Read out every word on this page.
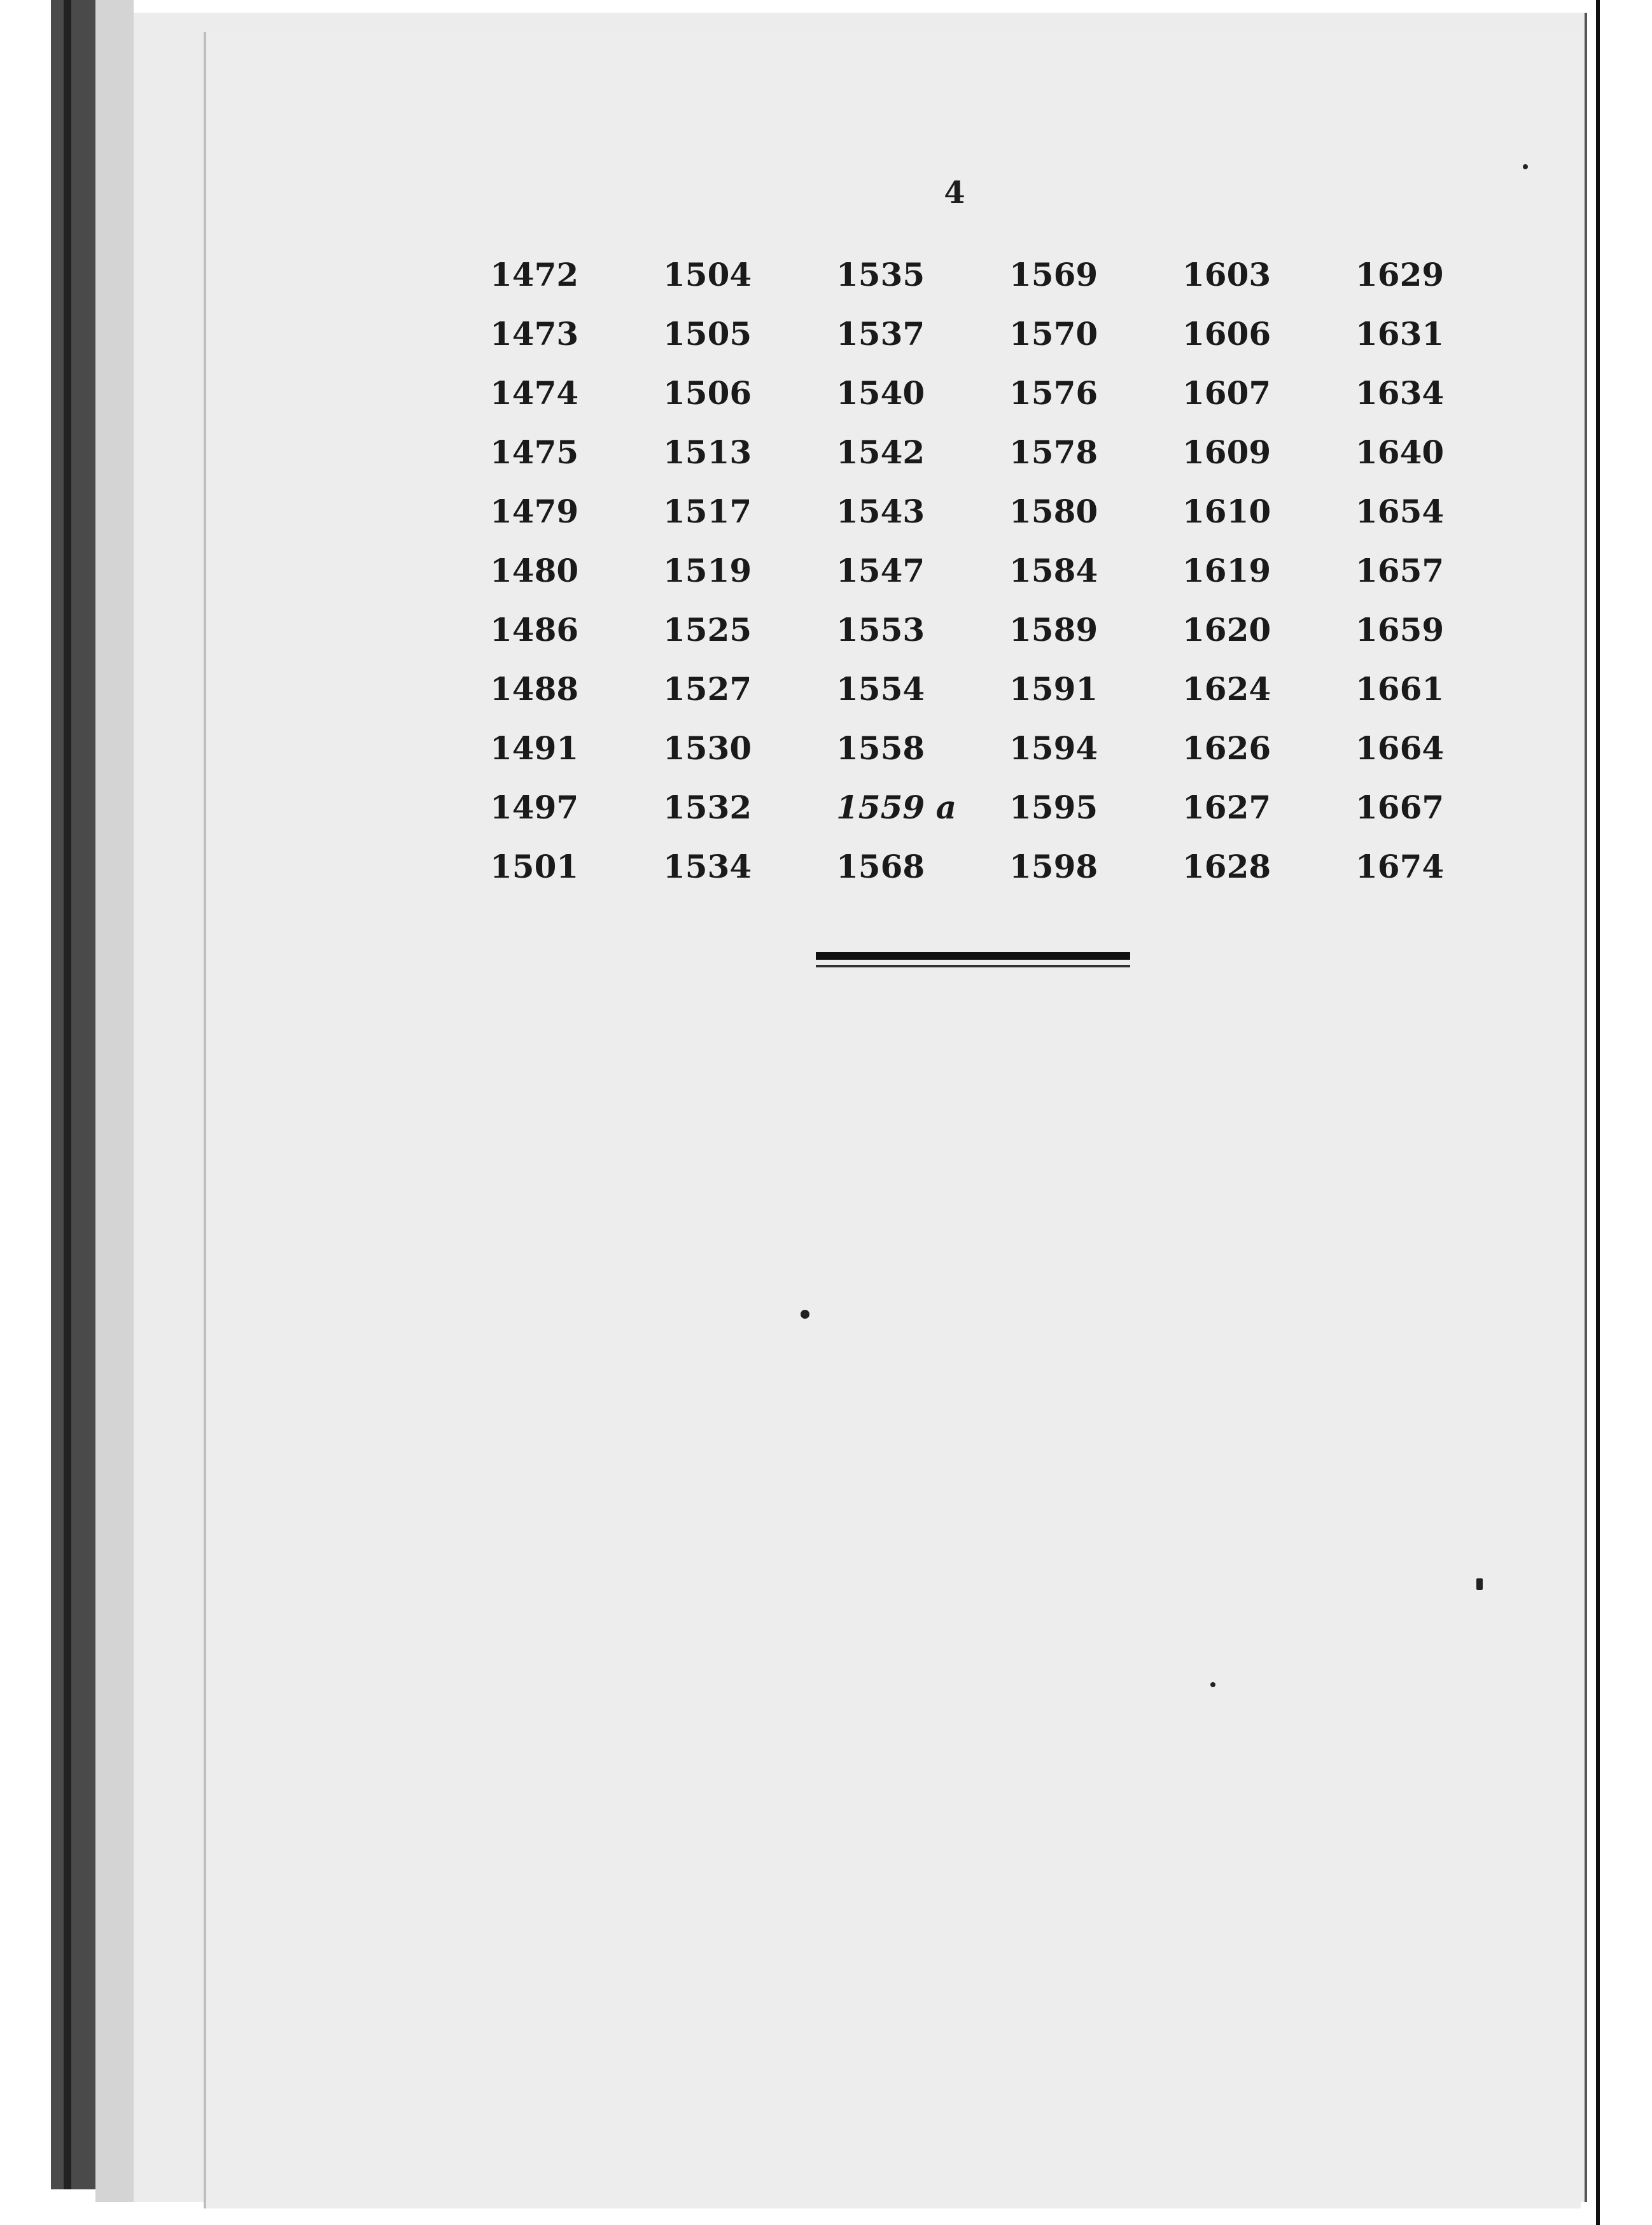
4
1472
1473
1474
1475
1479
1480
1486
1488
1491
1497
1501
1504
1505
1506
1513
1517
1519
1525
1527
1530
1532
1534
1535
1537
1540
1542
1543
1547
1553
1554
1558
1559 a
1568
1569
1570
1576
1578
1580
1584
1589
1591
1594
1595
1598
1603
1606
1607
1609
1610
1619
1620
1624
1626
1627
1628
1629
1631
1634
1640
1654
1657
1659
1661
1664
1667
1674
